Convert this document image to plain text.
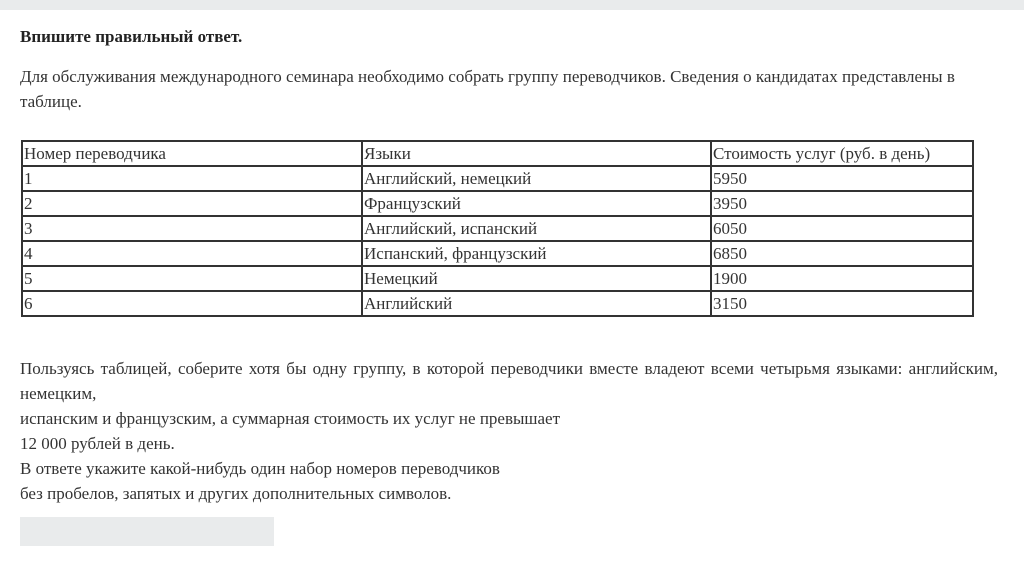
Впишите правильный ответ.

Для обслуживания международного семинара необходимо собрать группу переводчиков. Сведения о кандидатах представлены в таблице.

Номер переводчика	Языки	Стоимость услуг (руб. в день)
1	Английский, немецкий	5950
2	Французский	3950
3	Английский, испанский	6050
4	Испанский, французский	6850
5	Немецкий	1900
6	Английский	3150

Пользуясь таблицей, соберите хотя бы одну группу, в которой переводчики вместе владеют всеми четырьмя языками: английским, немецким,

испанским и французским, а суммарная стоимость их услуг не превышает

12 000 рублей в день.

В ответе укажите какой-нибудь один набор номеров переводчиков

без пробелов, запятых и других дополнительных символов.
